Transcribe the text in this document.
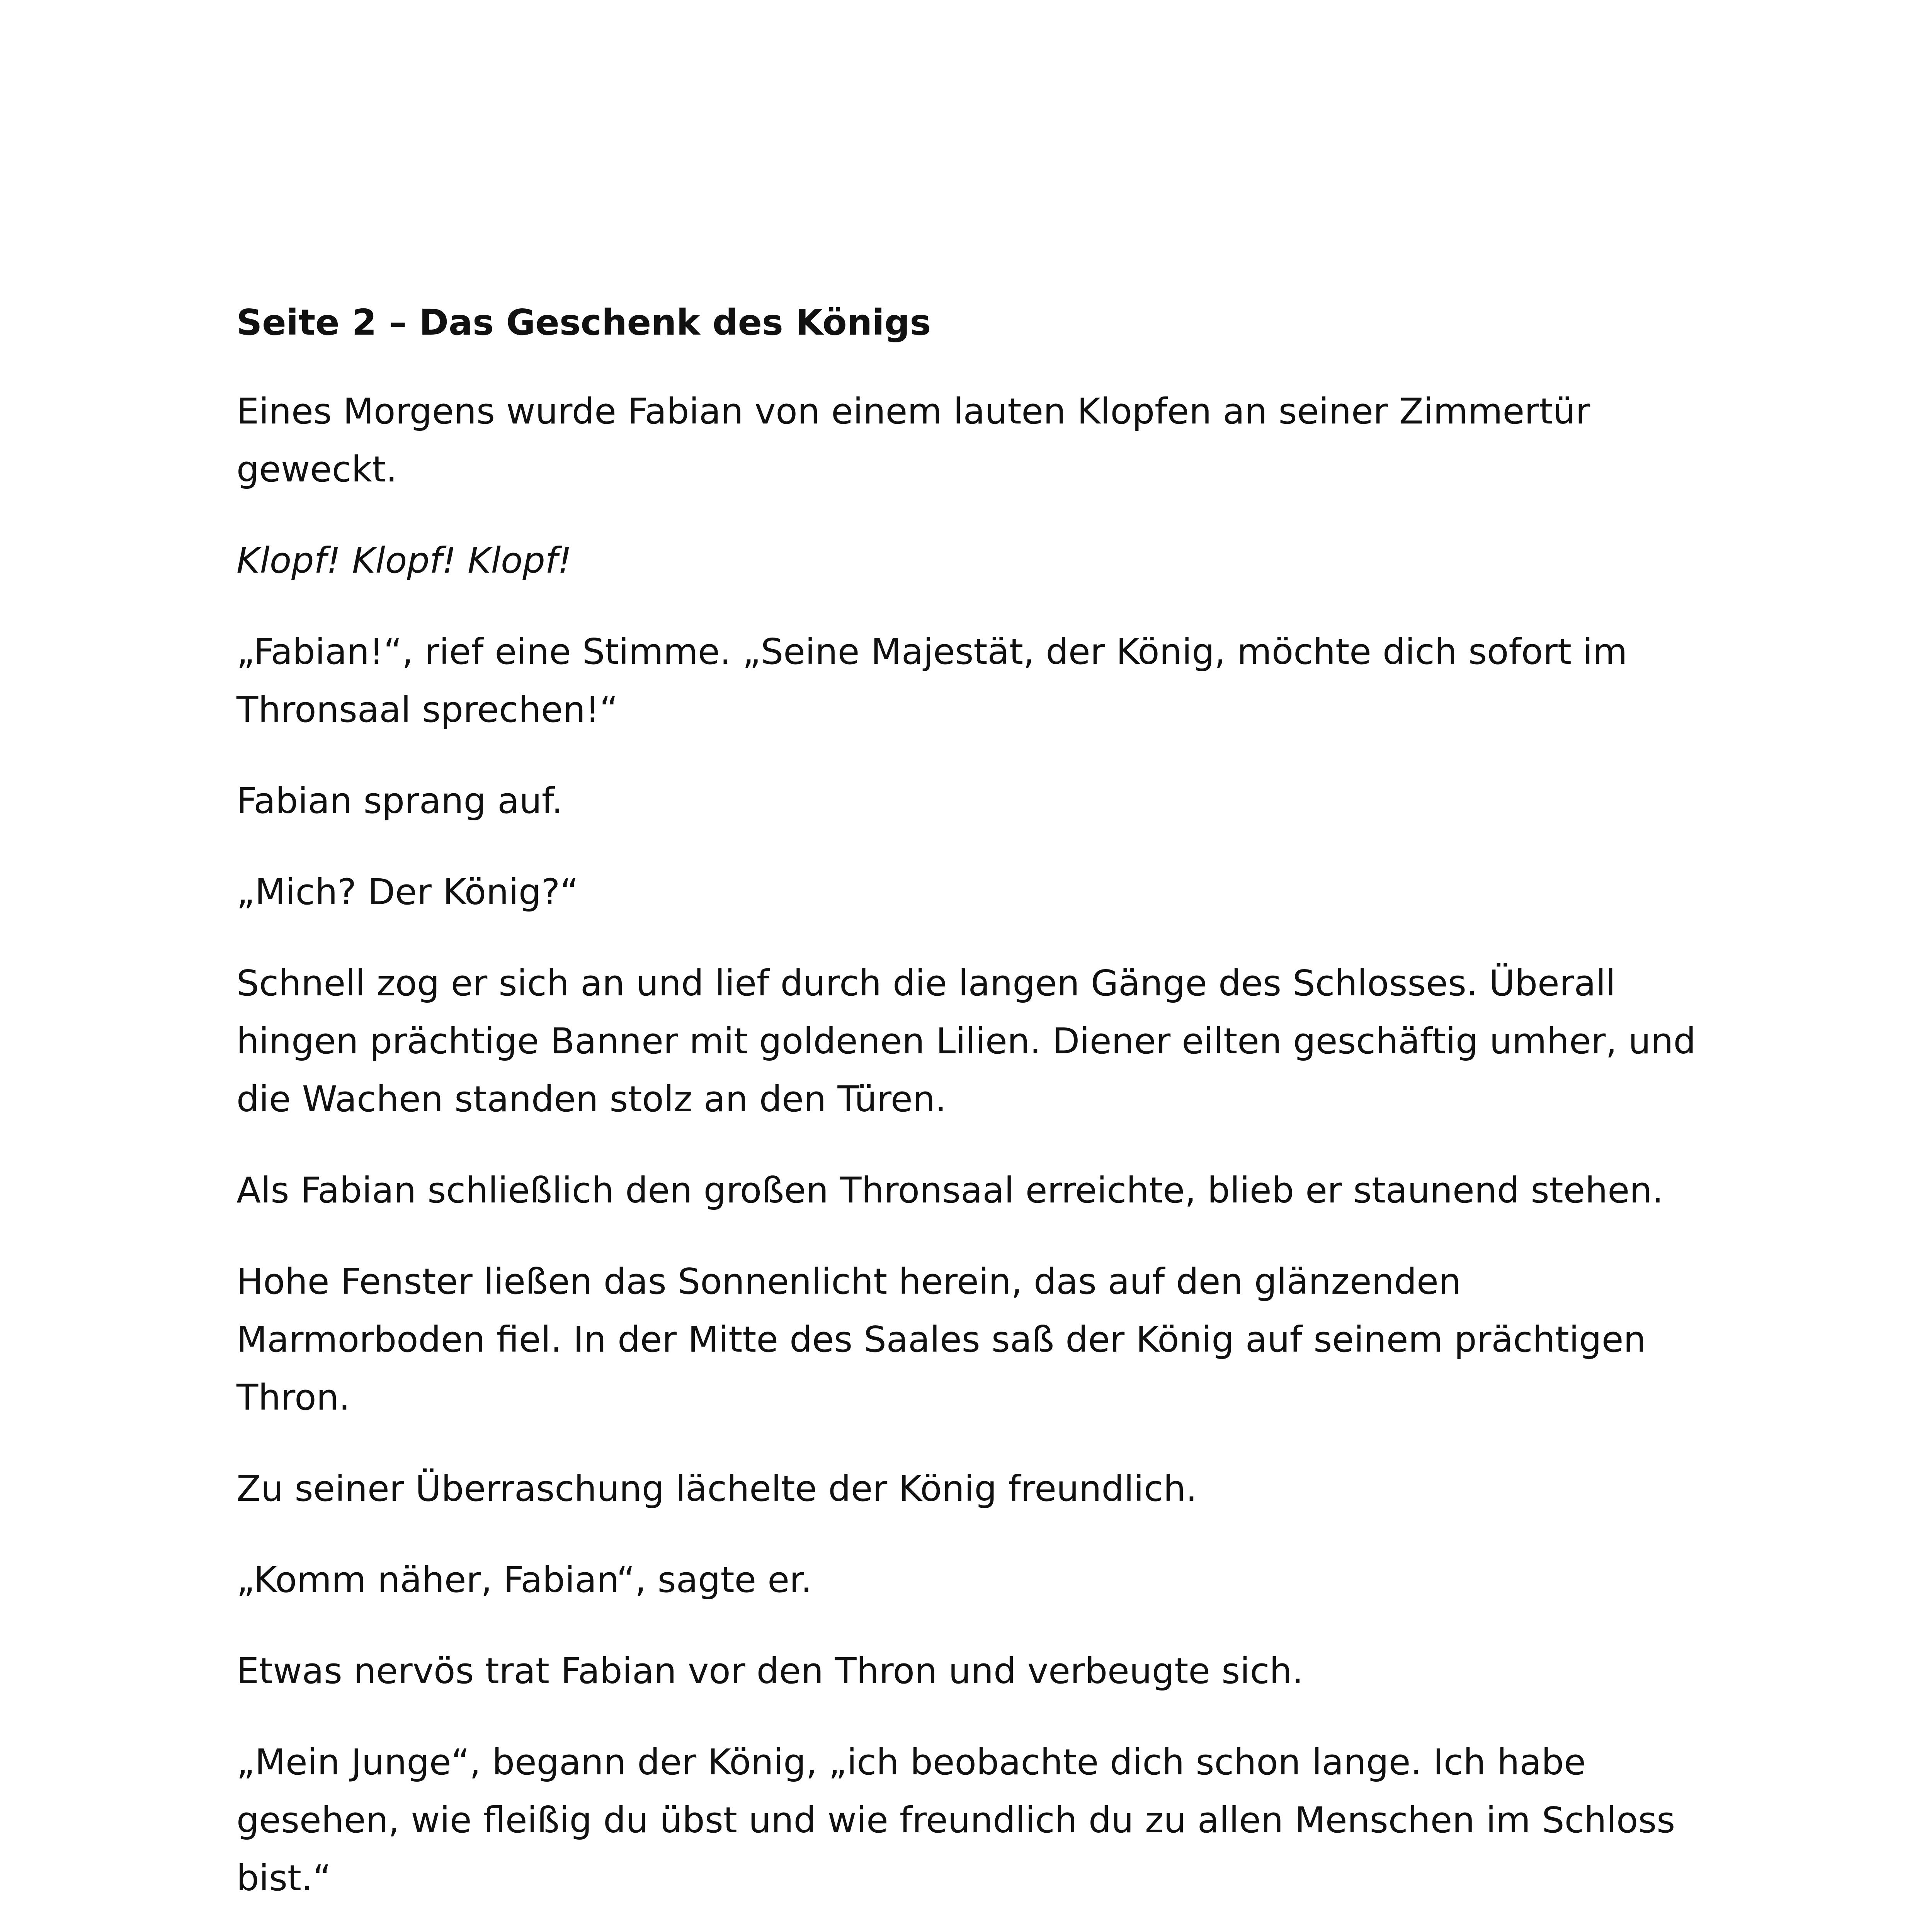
Seite 2 – Das Geschenk des Königs

Eines Morgens wurde Fabian von einem lauten Klopfen an seiner Zimmertür geweckt.

Klopf! Klopf! Klopf!

„Fabian!“, rief eine Stimme. „Seine Majestät, der König, möchte dich sofort im Thronsaal sprechen!“

Fabian sprang auf.

„Mich? Der König?“

Schnell zog er sich an und lief durch die langen Gänge des Schlosses. Überall hingen prächtige Banner mit goldenen Lilien. Diener eilten geschäftig umher, und die Wachen standen stolz an den Türen.

Als Fabian schließlich den großen Thronsaal erreichte, blieb er staunend stehen.

Hohe Fenster ließen das Sonnenlicht herein, das auf den glänzenden Marmorboden fiel. In der Mitte des Saales saß der König auf seinem prächtigen Thron.

Zu seiner Überraschung lächelte der König freundlich.

„Komm näher, Fabian“, sagte er.

Etwas nervös trat Fabian vor den Thron und verbeugte sich.

„Mein Junge“, begann der König, „ich beobachte dich schon lange. Ich habe gesehen, wie fleißig du übst und wie freundlich du zu allen Menschen im Schloss bist.“
